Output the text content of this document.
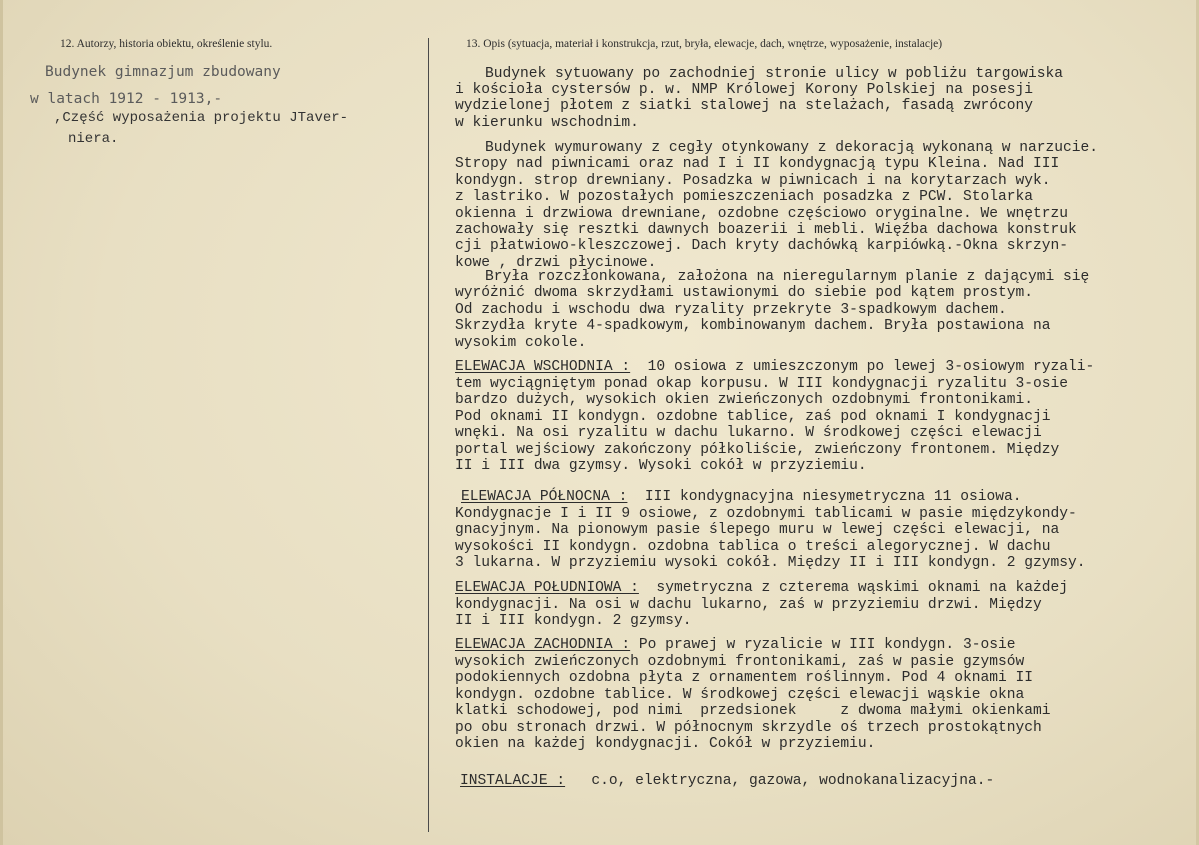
12. Autorzy, historia obiektu, określenie stylu.	13. Opis (sytuacja, materiał i konstrukcja, rzut, bryła, elewacje, dach, wnętrze, wyposażenie, instalacje)
Budynek gimnazjum zbudowany
w latach 1912 - 1913,-
,Część wyposażenia projektu JTaver-
niera.
Budynek sytuowany po zachodniej stronie ulicy w pobliżu targowiska
i kościoła cystersów p. w. NMP Królowej Korony Polskiej na posesji
wydzielonej płotem z siatki stalowej na stelażach, fasadą zwrócony
w kierunku wschodnim.
Budynek wymurowany z cegły otynkowany z dekoracją wykonaną w narzucie.
Stropy nad piwnicami oraz nad I i II kondygnacją typu Kleina. Nad III
kondygn. strop drewniany. Posadzka w piwnicach i na korytarzach wyk.
z lastriko. W pozostałych pomieszczeniach posadzka z PCW. Stolarka
okienna i drzwiowa drewniane, ozdobne częściowo oryginalne. We wnętrzu
zachowały się resztki dawnych boazerii i mebli. Więźba dachowa konstruk
cji płatwiowo-kleszczowej. Dach kryty dachówką karpiówką.-Okna skrzyn-
kowe , drzwi płycinowe.
Bryła rozczłonkowana, założona na nieregularnym planie z dającymi się
wyróżnić dwoma skrzydłami ustawionymi do siebie pod kątem prostym.
Od zachodu i wschodu dwa ryzality przekryte 3-spadkowym dachem.
Skrzydła kryte 4-spadkowym, kombinowanym dachem. Bryła postawiona na
wysokim cokole.
ELEWACJA WSCHODNIA :  10 osiowa z umieszczonym po lewej 3-osiowym ryzali-
tem wyciągniętym ponad okap korpusu. W III kondygnacji ryzalitu 3-osie
bardzo dużych, wysokich okien zwieńczonych ozdobnymi frontonikami.
Pod oknami II kondygn. ozdobne tablice, zaś pod oknami I kondygnacji
wnęki. Na osi ryzalitu w dachu lukarno. W środkowej części elewacji
portal wejściowy zakończony półkoliście, zwieńczony frontonem. Między
II i III dwa gzymsy. Wysoki cokół w przyziemiu.
ELEWACJA PÓŁNOCNA :  III kondygnacyjna niesymetryczna 11 osiowa.
Kondygnacje I i II 9 osiowe, z ozdobnymi tablicami w pasie międzykondy-
gnacyjnym. Na pionowym pasie ślepego muru w lewej części elewacji, na
wysokości II kondygn. ozdobna tablica o treści alegorycznej. W dachu
3 lukarna. W przyziemiu wysoki cokół. Między II i III kondygn. 2 gzymsy.
ELEWACJA POŁUDNIOWA :  symetryczna z czterema wąskimi oknami na każdej
kondygnacji. Na osi w dachu lukarno, zaś w przyziemiu drzwi. Między
II i III kondygn. 2 gzymsy.
ELEWACJA ZACHODNIA : Po prawej w ryzalicie w III kondygn. 3-osie
wysokich zwieńczonych ozdobnymi frontonikami, zaś w pasie gzymsów
podokiennych ozdobna płyta z ornamentem roślinnym. Pod 4 oknami II
kondygn. ozdobne tablice. W środkowej części elewacji wąskie okna
klatki schodowej, pod nimi  przedsionek     z dwoma małymi okienkami
po obu stronach drzwi. W północnym skrzydle oś trzech prostokątnych
okien na każdej kondygnacji. Cokół w przyziemiu.
INSTALACJE :   c.o, elektryczna, gazowa, wodnokanalizacyjna.-
